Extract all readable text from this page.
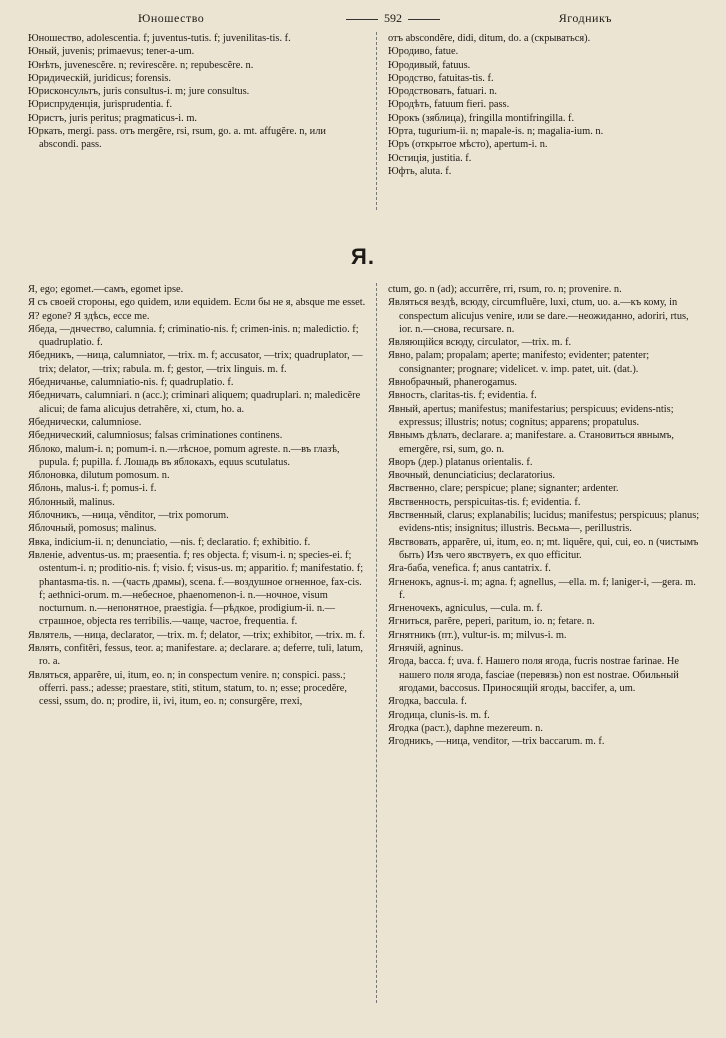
Юношество	592	Ягодникъ

Юношество, adolescentia. f; juventus-tutis. f; juvenilitas-tis. f.

Юный, juvenis; primaevus; tener-a-um.

Юнѣть, juvenescĕre. n; revirescĕre. n; repubescĕre. n.

Юридическій, juridicus; forensis.

Юрисконсультъ, juris consultus-i. m; jure consultus.

Юриспруденція, jurisprudentia. f.

Юристъ, juris peritus; pragmaticus-i. m.

Юркать, mergi. pass. отъ mergĕre, rsi, rsum, go. a. mt. affugĕre. n, или abscondi. pass.

отъ abscondĕre, didi, ditum, do. a (скрываться).

Юродиво, fatue.

Юродивый, fatuus.

Юродство, fatuitas-tis. f.

Юродствовать, fatuari. n.

Юродѣть, fatuum fieri. pass.

Юрокъ (зяблица), fringilla montifringilla. f.

Юрта, tugurium-ii. n; mapale-is. n; magalia-ium. n.

Юръ (открытое мѣсто), apertum-i. n.

Юстиція, justitia. f.

Юфть, aluta. f.

Я.

Я, ego; egomet.—самъ, egomet ipse.

Я съ своей стороны, ego quidem, или equidem. Если бы не я, absque me esset.

Я? egone? Я здѣсь, ecce me.

Ябеда, —днчество, calumnia. f; criminatio-nis. f; crimen-inis. n; maledictio. f; quadruplatio. f.

Ябедникъ, —ница, calumniator, —trix. m. f; accusator, —trix; quadruplator, —trix; delator, —trix; rabula. m. f; gestor, —trix linguis. m. f.

Ябедничанье, calumniatio-nis. f; quadruplatio. f.

Ябедничать, calumniari. n (acc.); criminari aliquem; quadruplari. n; maledicĕre alicui; de fama alicujus detrahĕre, xi, ctum, ho. a.

Ябеднически, calumniose.

Ябеднический, calumniosus; falsas criminationes continens.

Яблоко, malum-i. n; pomum-i. n.—лѣсное, pomum agreste. n.—въ глазѣ, pupula. f; pupilla. f. Лошадь въ яблокахъ, equus scutulatus.

Яблоновка, dilutum pomosum. n.

Яблонь, malus-i. f; pomus-i. f.

Яблонный, malinus.

Яблочникъ, —ница, vĕnditor, —trix pomorum.

Яблочный, pomosus; malinus.

Явка, indicium-ii. n; denunciatio, —nis. f; declaratio. f; exhibitio. f.

Явленіе, adventus-us. m; praesentia. f; res objecta. f; visum-i. n; species-ei. f; ostentum-i. n; proditio-nis. f; visio. f; visus-us. m; apparitio. f; manifestatio. f; phantasma-tis. n. —(часть драмы), scena. f.—воздушное огненное, fax-cis. f; aethnici-orum. m.—небесное, phaenomenon-i. n.—ночное, visum nocturnum. n.—непонятное, praestigia. f—рѣдкое, prodigium-ii. n.—страшное, objecta res terribilis.—чаще, частое, frequentia. f.

Являтель, —ница, declarator, —trix. m. f; delator, —trix; exhibitor, —trix. m. f.

Являть, confitĕri, fessus, teor. a; manifestare. a; declarare. a; deferre, tuli, latum, ro. a.

Являться, apparĕre, ui, itum, eo. n; in conspectum venire. n; conspici. pass.; offerri. pass.; adesse; praestare, stiti, stitum, statum, to. n; esse; procedĕre, cessi, ssum, do. n; prodire, ii, ivi, itum, eo. n; consurgĕre, rrexi,

ctum, go. n (ad); accurrĕre, rri, rsum, ro. n; provenire. n.

Являться вездѣ, всюду, circumfluĕre, luxi, ctum, uo. a.—къ кому, in conspectum alicujus venire, или se dare.—неожиданно, adoriri, rtus, ior. n.—снова, recursare. n.

Являющійся всюду, circulator, —trix. m. f.

Явно, palam; propalam; aperte; manifesto; evidenter; patenter; consignanter; prognare; videlicet. v. imp. patet, uit. (dat.).

Явнобрачный, phanerogamus.

Явность, claritas-tis. f; evidentia. f.

Явный, apertus; manifestus; manifestarius; perspicuus; evidens-ntis; expressus; illustris; notus; cognitus; apparens; propatulus.

Явнымъ дѣлать, declarare. a; manifestare. a. Становиться явнымъ, emergĕre, rsi, sum, go. n.

Яворъ (дер.) platanus orientalis. f.

Явочный, denunciaticius; declaratorius.

Явственно, clare; perspicue; plane; signanter; ardenter.

Явственность, perspicuitas-tis. f; evidentia. f.

Явственный, clarus; explanabilis; lucidus; manifestus; perspicuus; planus; evidens-ntis; insignitus; illustris. Весьма—, perillustris.

Явствовать, apparĕre, ui, itum, eo. n; mt. liquĕre, qui, cui, eo. n (чистымъ быть) Изъ чего явствуетъ, ex quo efficitur.

Яга-баба, venefica. f; anus cantatrix. f.

Ягненокъ, agnus-i. m; agna. f; agnellus, —ella. m. f; laniger-i, —gera. m. f.

Ягненочекъ, agniculus, —cula. m. f.

Ягниться, parĕre, peperi, paritum, io. n; fetare. n.

Ягнятникъ (пт.), vultur-is. m; milvus-i. m.

Ягнячій, agninus.

Ягода, bacca. f; uva. f. Нашего поля ягода, fucris nostrae farinae. Не нашего поля ягода, fasciae (перевязь) non est nostrae. Обильный ягодами, baccosus. Приносящій ягоды, baccifer, a, um.

Ягодка, baccula. f.

Ягодица, clunis-is. m. f.

Ягодка (раст.), daphne mezereum. n.

Ягодникъ, —ница, venditor, —trix baccarum. m. f.
